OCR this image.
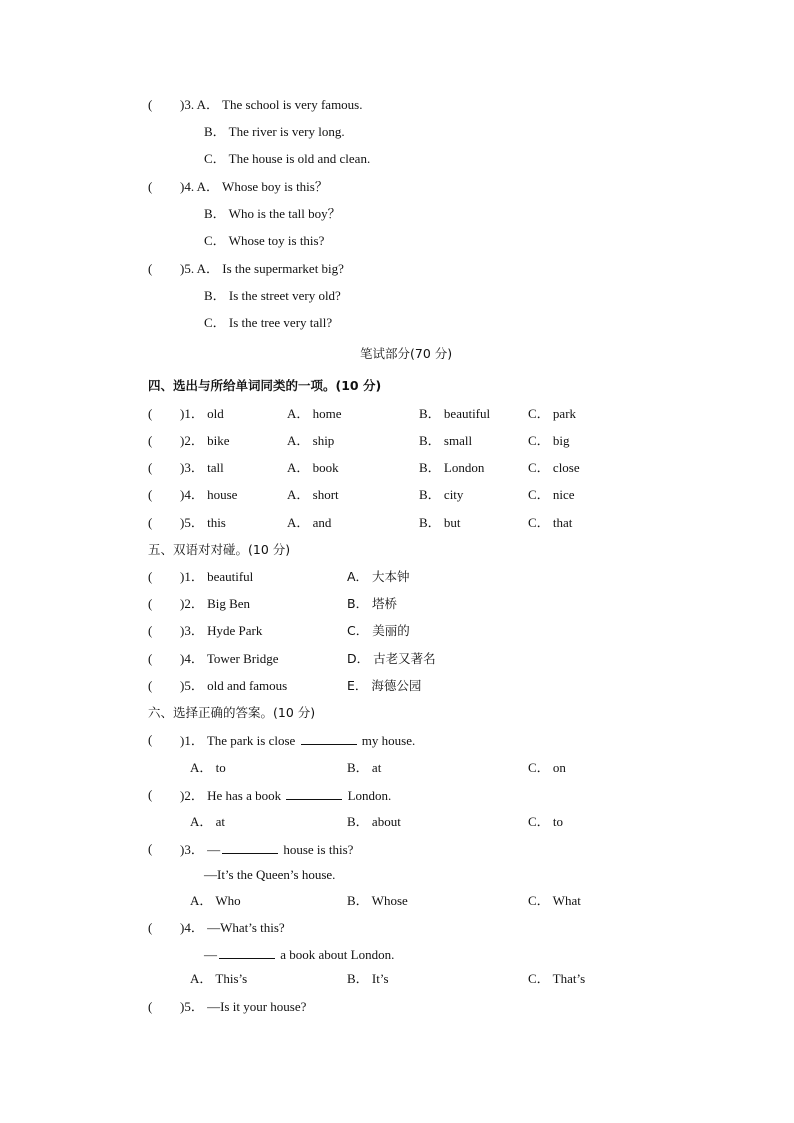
( )3. A． The school is very famous.
B． The river is very long.
C． The house is old and clean.
( )4. A． Whose boy is this？
B． Who is the tall boy？
C． Whose toy is this?
( )5. A． Is the supermarket big?
B． Is the street very old?
C． Is the tree very tall?
笔试部分(70 分)
四、选出与所给单词同类的一项。(10 分)
( )1． old	A． home	B． beautiful	C． park
( )2． bike	A． ship	B． small	C． big
( )3． tall	A． book	B． London	C． close
( )4． house	A． short	B． city	C． nice
( )5． this	A． and	B． but	C． that
五、双语对对碰。(10 分)
( )1． beautiful	A． 大本钟
( )2． Big Ben	B． 塔桥
( )3． Hyde Park	C． 美丽的
( )4． Tower Bridge	D． 古老又著名
( )5． old and famous	E． 海德公园
六、选择正确的答案。(10 分)
( )1． The park is close	my house.
A． to	B． at	C． on
( )2． He has a book	London.
A． at	B． about	C． to
( )3． —	house is this?
—It’s the Queen’s house.
A． Who	B． Whose	C． What
( )4． —What’s this?
—	a book about London.
A． This’s	B． It’s	C． That’s
( )5． —Is it your house?
